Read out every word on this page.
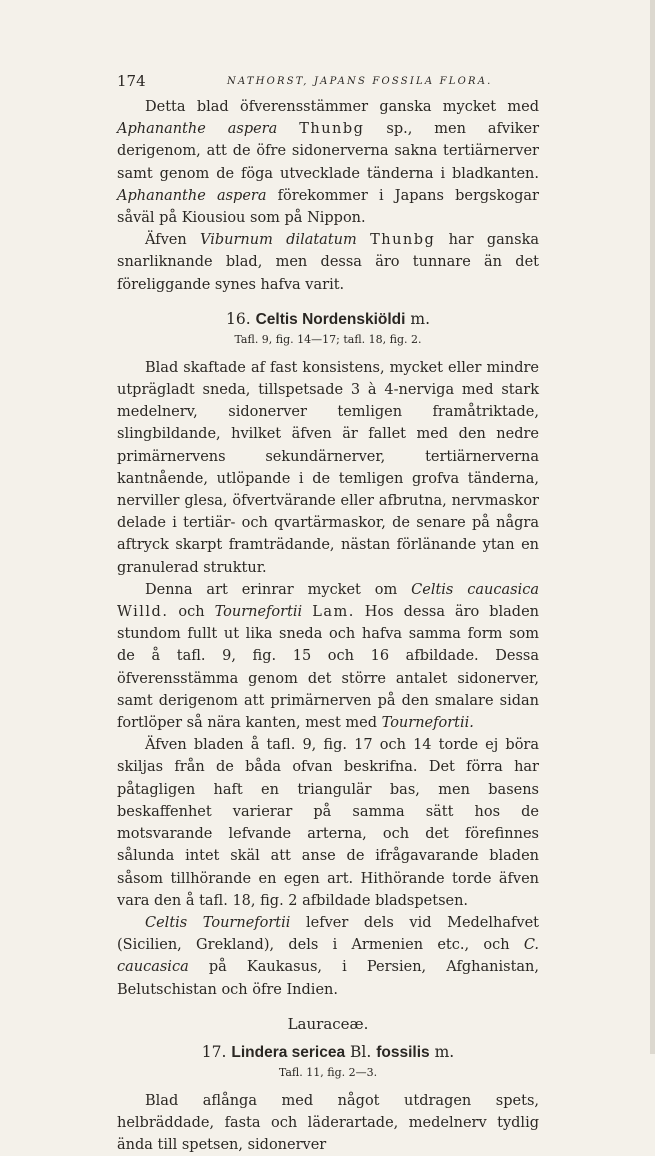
174	NATHORST, JAPANS FOSSILA FLORA.

Detta blad öfverensstämmer ganska mycket med Aphananthe aspera Thunbg sp., men afviker derigenom, att de öfre sidonerverna sakna tertiärnerver samt genom de föga utvecklade tänderna i bladkanten. Aphananthe aspera förekommer i Japans bergskogar såväl på Kiousiou som på Nippon.

Äfven Viburnum dilatatum Thunbg har ganska snarliknande blad, men dessa äro tunnare än det föreliggande synes hafva varit.

16. Celtis Nordenskiöldi m.
Tafl. 9, fig. 14—17; tafl. 18, fig. 2.

Blad skaftade af fast konsistens, mycket eller mindre utprägladt sneda, tillspetsade 3 à 4-nerviga med stark medelnerv, sidonerver temligen framåtriktade, slingbildande, hvilket äfven är fallet med den nedre primärnervens sekundärnerver, tertiärnerverna kantnående, utlöpande i de temligen grofva tänderna, nerviller glesa, öfvertvärande eller afbrutna, nervmaskor delade i tertiär- och qvartärmaskor, de senare på några aftryck skarpt framträdande, nästan förlänande ytan en granulerad struktur.

Denna art erinrar mycket om Celtis caucasica Willd. och Tournefortii Lam. Hos dessa äro bladen stundom fullt ut lika sneda och hafva samma form som de å tafl. 9, fig. 15 och 16 afbildade. Dessa öfverensstämma genom det större antalet sidonerver, samt derigenom att primärnerven på den smalare sidan fortlöper så nära kanten, mest med Tournefortii.

Äfven bladen å tafl. 9, fig. 17 och 14 torde ej böra skiljas från de båda ofvan beskrifna. Det förra har påtagligen haft en triangulär bas, men basens beskaffenhet varierar på samma sätt hos de motsvarande lefvande arterna, och det förefinnes sålunda intet skäl att anse de ifrågavarande bladen såsom tillhörande en egen art. Hithörande torde äfven vara den å tafl. 18, fig. 2 afbildade bladspetsen.

Celtis Tournefortii lefver dels vid Medelhafvet (Sicilien, Grekland), dels i Armenien etc., och C. caucasica på Kaukasus, i Persien, Afghanistan, Belutschistan och öfre Indien.

Lauraceæ.
17. Lindera sericea Bl. fossilis m.
Tafl. 11, fig. 2—3.

Blad aflånga med något utdragen spets, helbräddade, fasta och läderartade, medelnerv tydlig ända till spetsen, sidonerver
